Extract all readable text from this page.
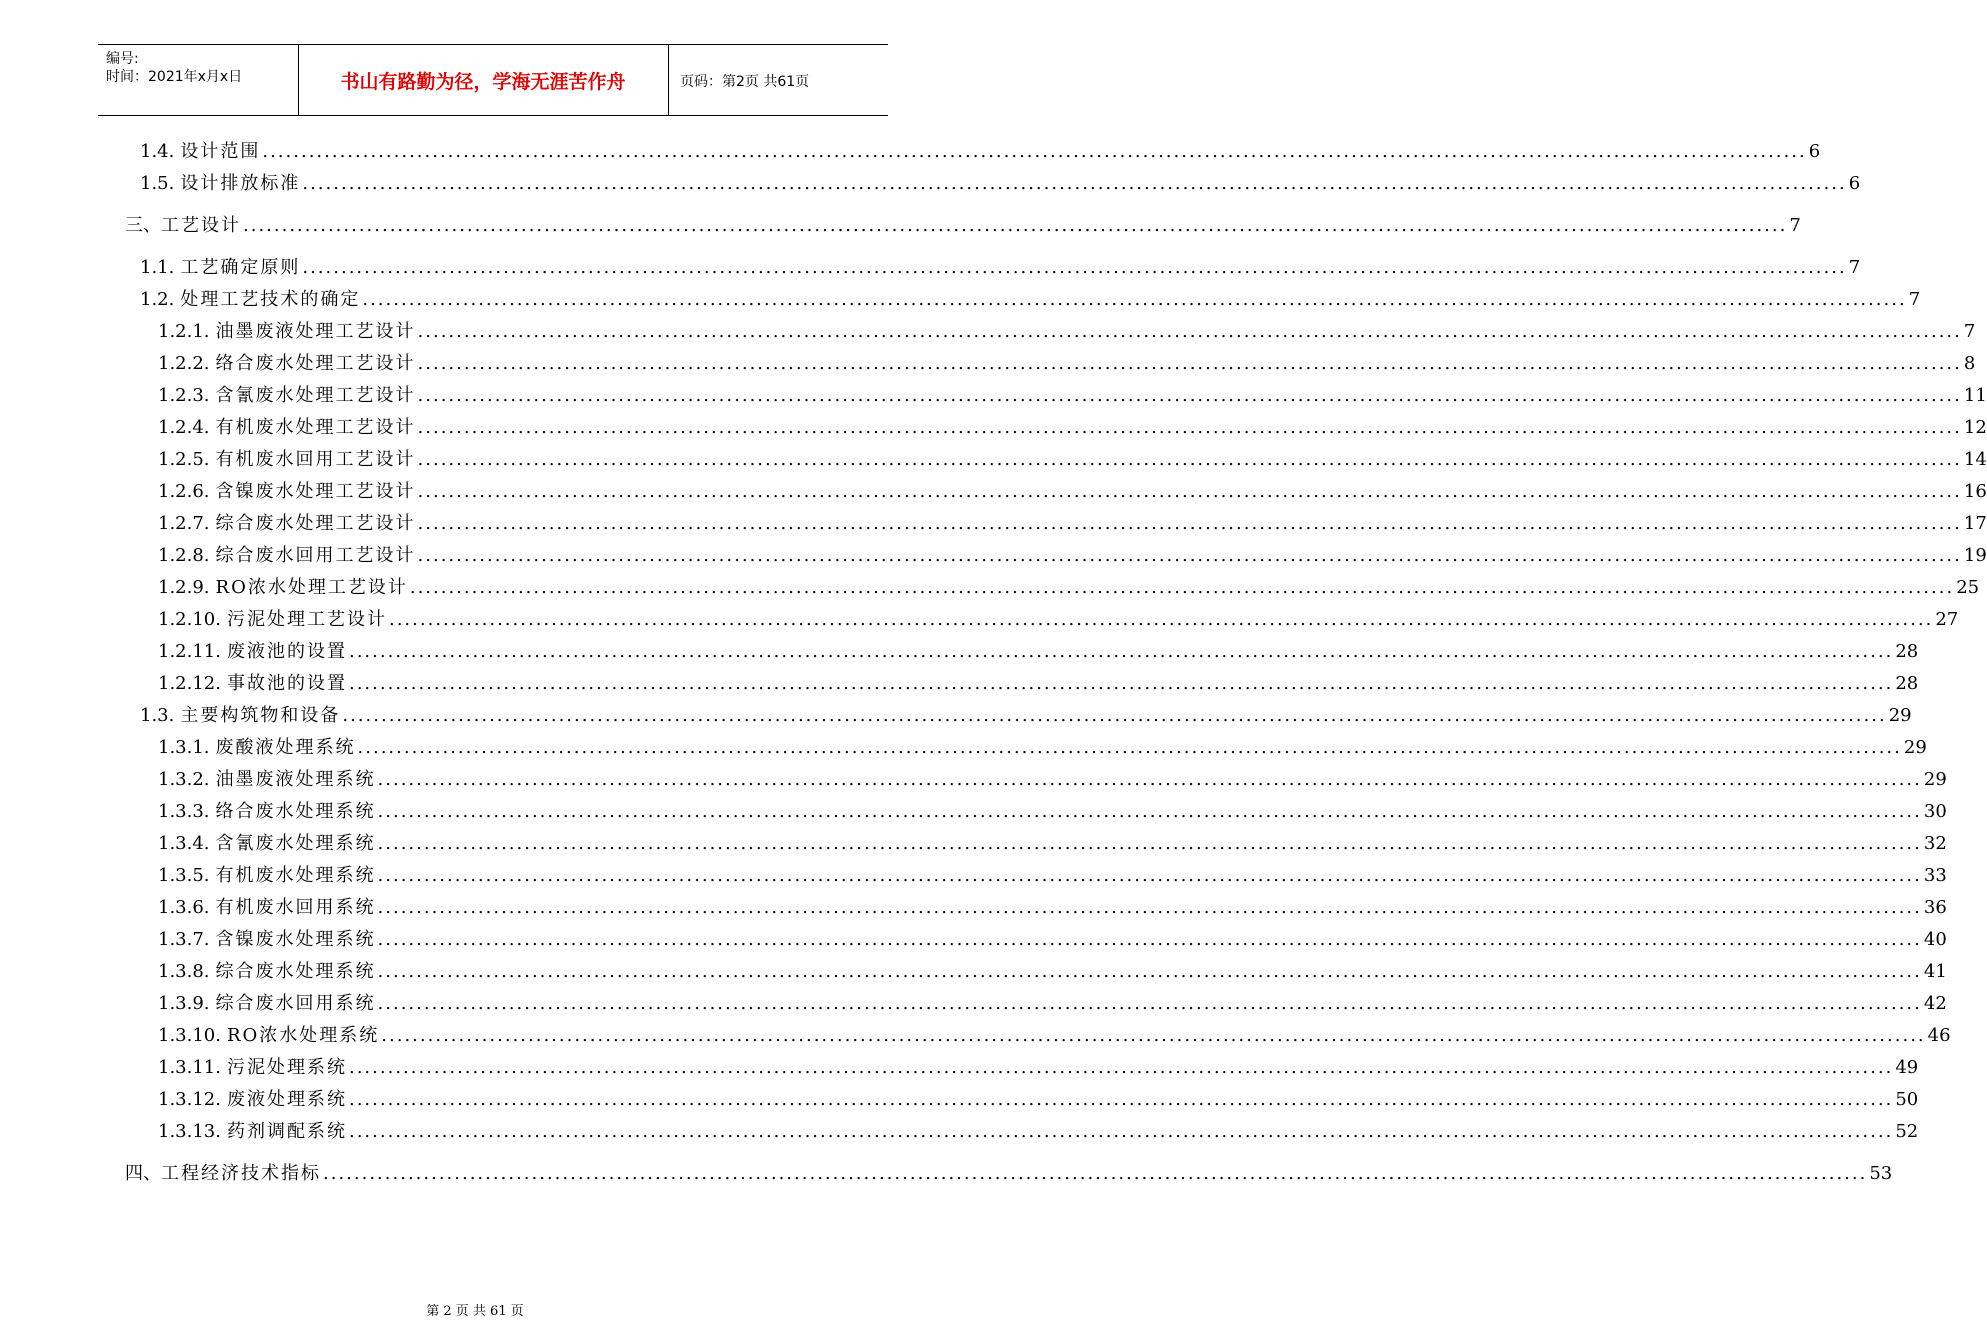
编号:
时间：2021年x月x日	书山有路勤为径，学海无涯苦作舟	页码：第2页 共61页
1.4. 设计范围 ........................................................................................................................................................................................................ 6
1.5. 设计排放标准 ........................................................................................................................................................................................................ 6
三、 工艺设计 ........................................................................................................................................................................................................ 7
1.1. 工艺确定原则 ........................................................................................................................................................................................................ 7
1.2. 处理工艺技术的确定 ........................................................................................................................................................................................................ 7
1.2.1. 油墨废液处理工艺设计 ........................................................................................................................................................................................................ 7
1.2.2. 络合废水处理工艺设计 ........................................................................................................................................................................................................ 8
1.2.3. 含氰废水处理工艺设计 ........................................................................................................................................................................................................ 11
1.2.4. 有机废水处理工艺设计 ........................................................................................................................................................................................................ 12
1.2.5. 有机废水回用工艺设计 ........................................................................................................................................................................................................ 14
1.2.6. 含镍废水处理工艺设计 ........................................................................................................................................................................................................ 16
1.2.7. 综合废水处理工艺设计 ........................................................................................................................................................................................................ 17
1.2.8. 综合废水回用工艺设计 ........................................................................................................................................................................................................ 19
1.2.9. RO浓水处理工艺设计 ........................................................................................................................................................................................................ 25
1.2.10. 污泥处理工艺设计 ........................................................................................................................................................................................................ 27
1.2.11. 废液池的设置 ........................................................................................................................................................................................................ 28
1.2.12. 事故池的设置 ........................................................................................................................................................................................................ 28
1.3. 主要构筑物和设备 ........................................................................................................................................................................................................ 29
1.3.1. 废酸液处理系统 ........................................................................................................................................................................................................ 29
1.3.2. 油墨废液处理系统 ........................................................................................................................................................................................................ 29
1.3.3. 络合废水处理系统 ........................................................................................................................................................................................................ 30
1.3.4. 含氰废水处理系统 ........................................................................................................................................................................................................ 32
1.3.5. 有机废水处理系统 ........................................................................................................................................................................................................ 33
1.3.6. 有机废水回用系统 ........................................................................................................................................................................................................ 36
1.3.7. 含镍废水处理系统 ........................................................................................................................................................................................................ 40
1.3.8. 综合废水处理系统 ........................................................................................................................................................................................................ 41
1.3.9. 综合废水回用系统 ........................................................................................................................................................................................................ 42
1.3.10. RO浓水处理系统 ........................................................................................................................................................................................................ 46
1.3.11. 污泥处理系统 ........................................................................................................................................................................................................ 49
1.3.12. 废液处理系统 ........................................................................................................................................................................................................ 50
1.3.13. 药剂调配系统 ........................................................................................................................................................................................................ 52
四、 工程经济技术指标 ........................................................................................................................................................................................................ 53
第 2 页 共 61 页
